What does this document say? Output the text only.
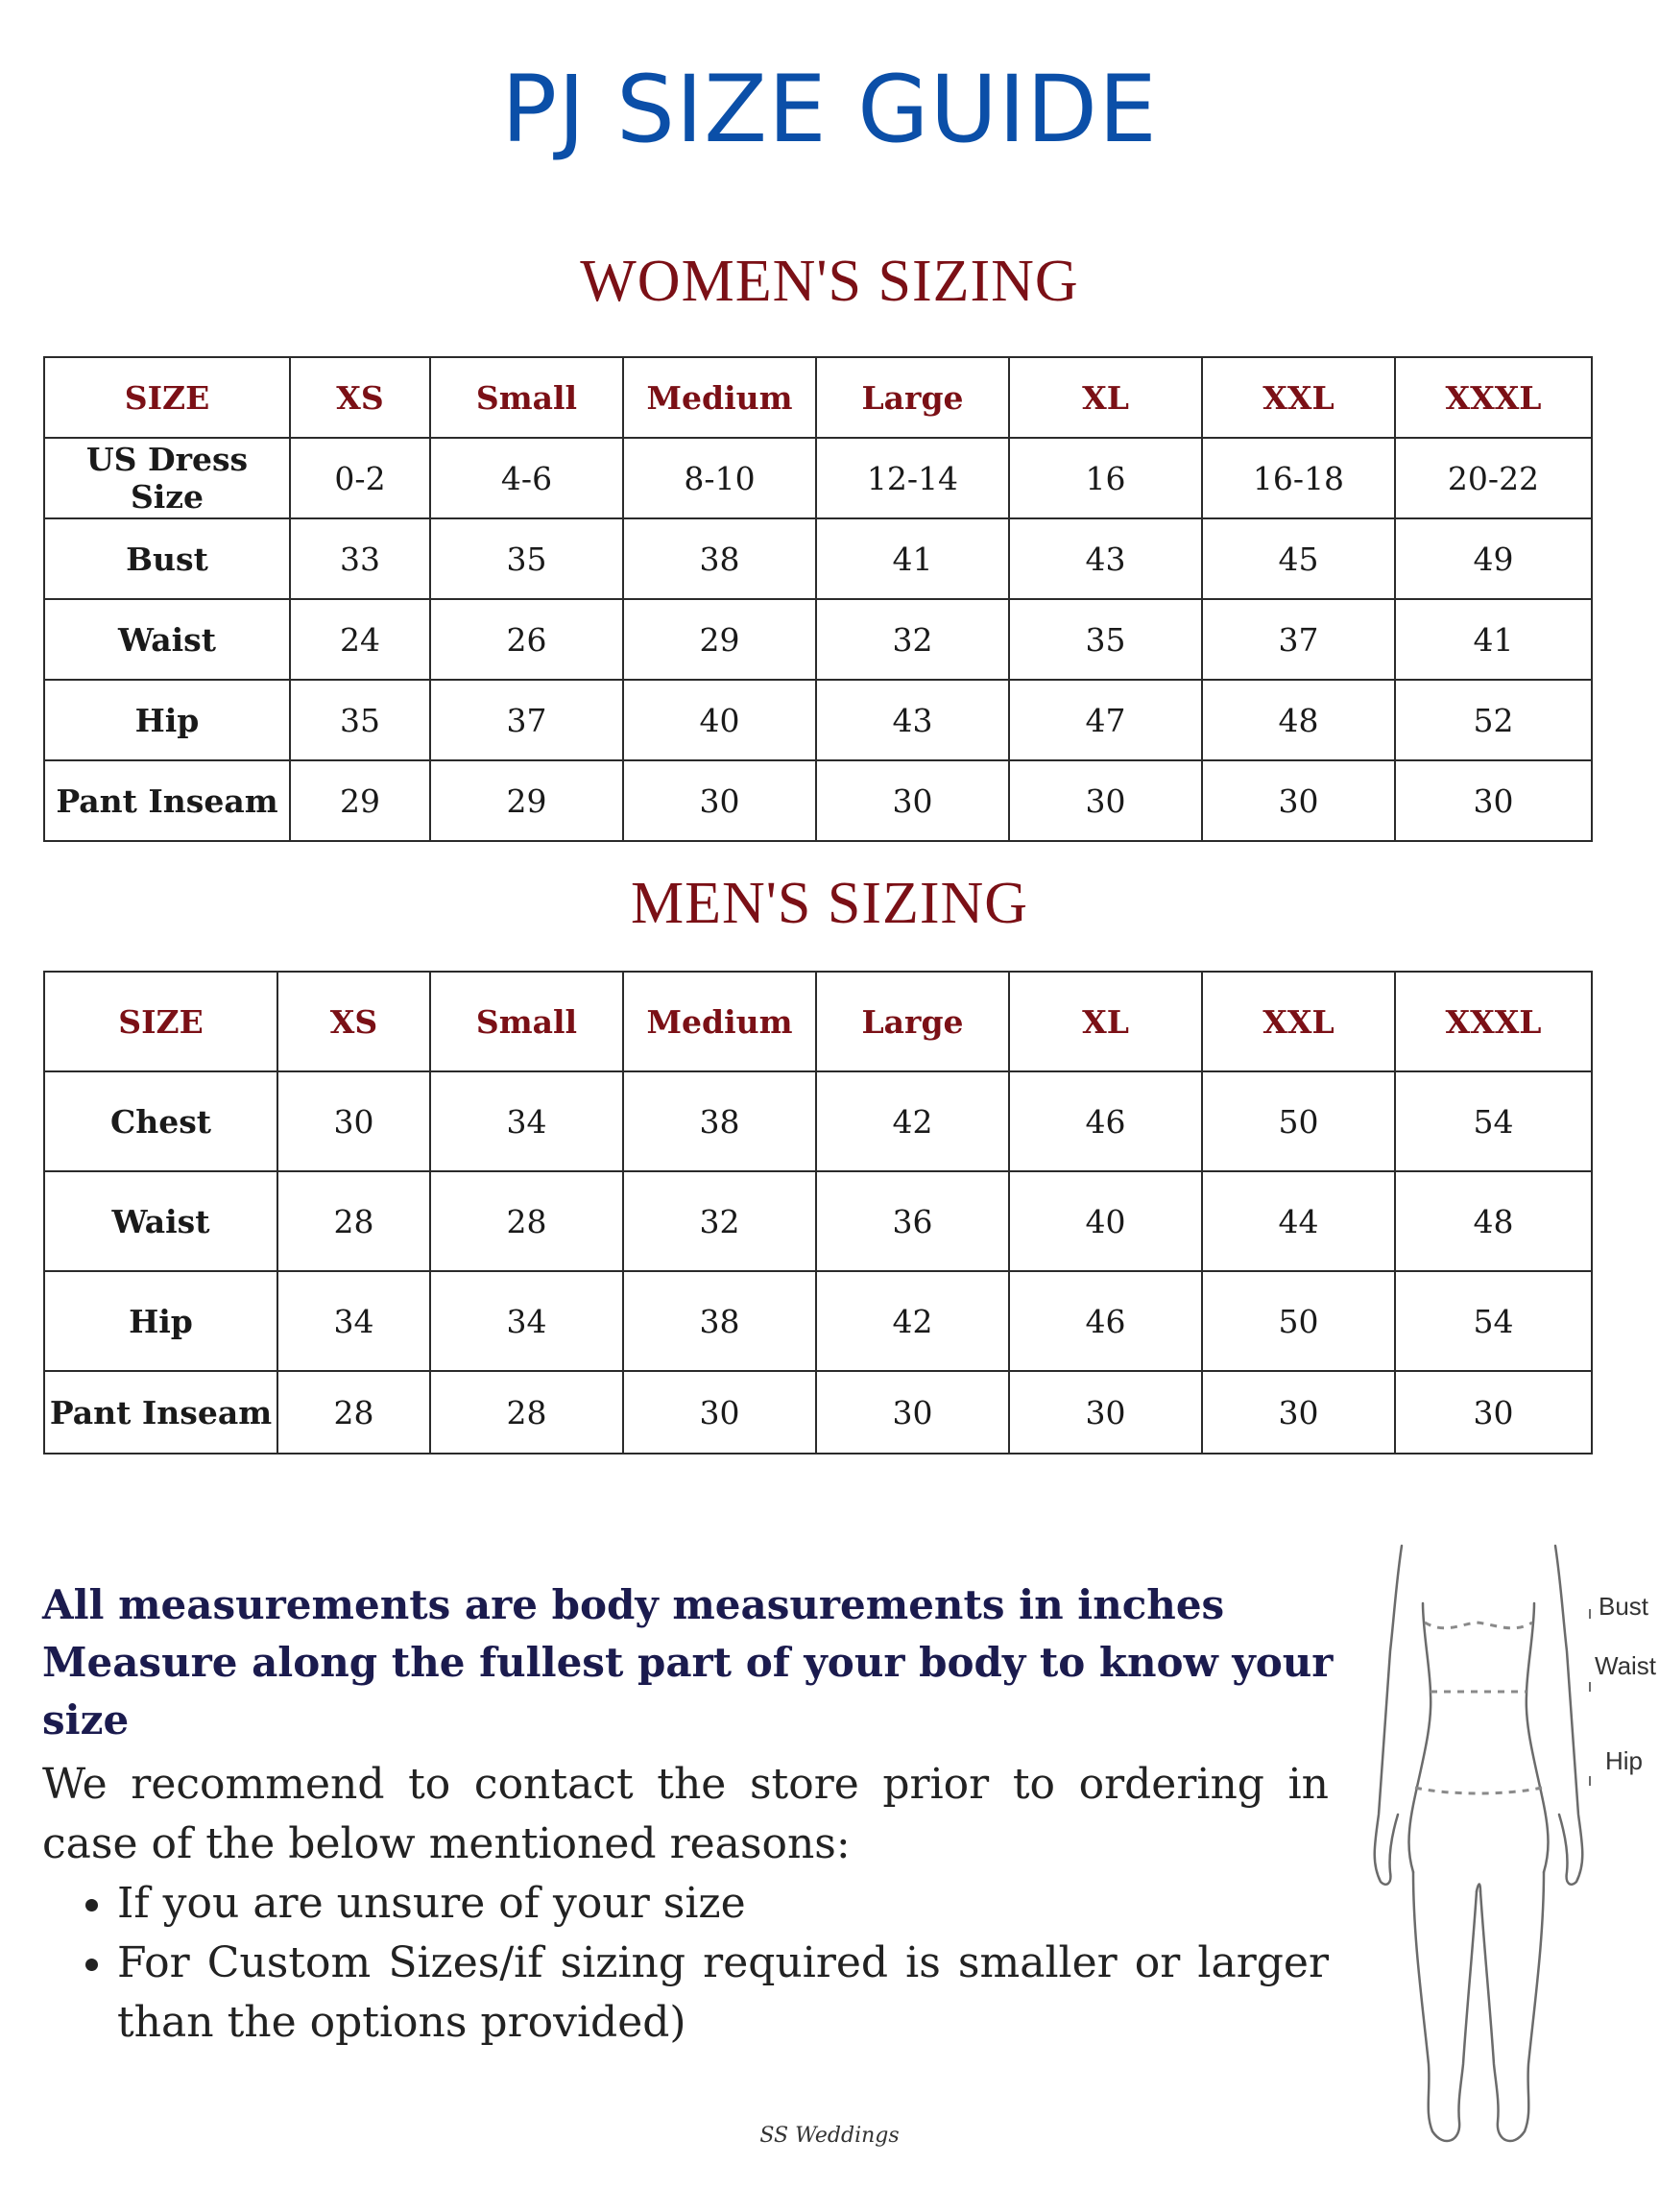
PJ SIZE GUIDE
WOMEN'S SIZING
SIZE	XS	Small	Medium	Large	XL	XXL	XXXL
US Dress Size	0-2	4-6	8-10	12-14	16	16-18	20-22
Bust	33	35	38	41	43	45	49
Waist	24	26	29	32	35	37	41
Hip	35	37	40	43	47	48	52
Pant Inseam	29	29	30	30	30	30	30
MEN'S SIZING
SIZE	XS	Small	Medium	Large	XL	XXL	XXXL
Chest	30	34	38	42	46	50	54
Waist	28	28	32	36	40	44	48
Hip	34	34	38	42	46	50	54
Pant Inseam	28	28	30	30	30	30	30

All measurements are body measurements in inches

Measure along the fullest part of your body to know your size

We recommend to contact the store prior to ordering in case of the below mentioned reasons:

• If you are unsure of your size
• For Custom Sizes/if sizing required is smaller or larger than the options provided)
Bust
Waist
Hip
SS Weddings
